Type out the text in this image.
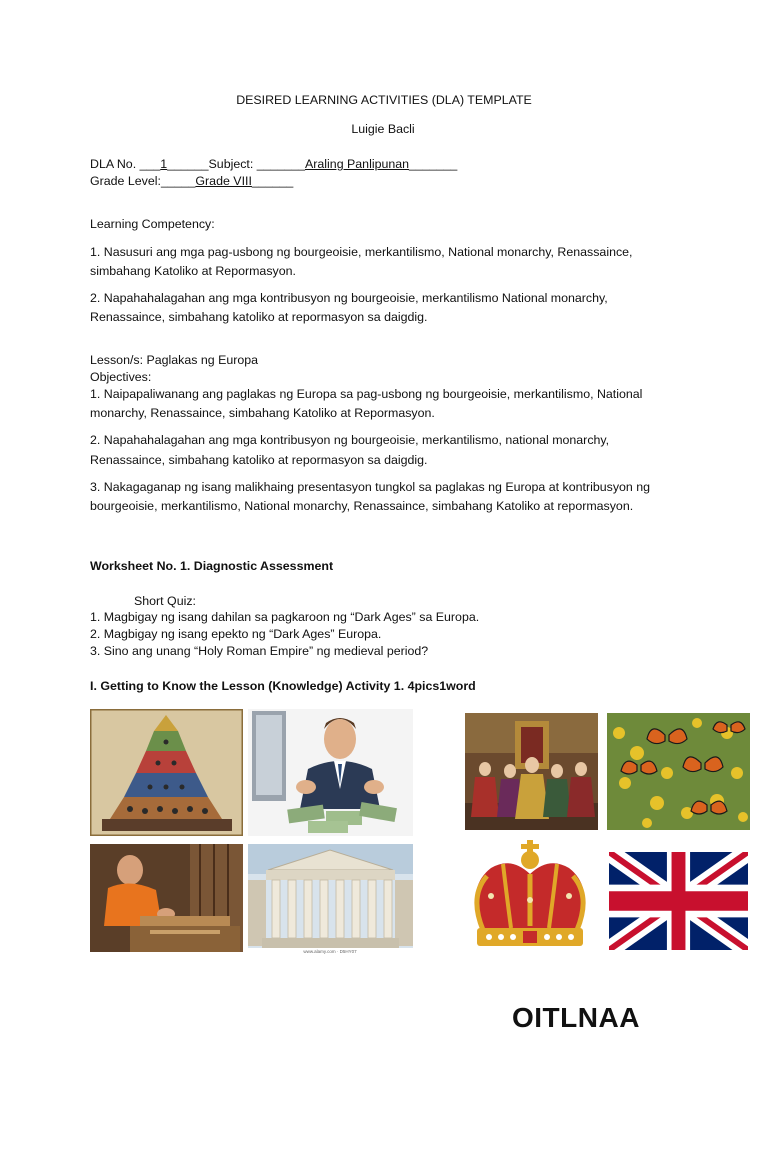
DESIRED LEARNING ACTIVITIES (DLA) TEMPLATE
Luigie Bacli
DLA No. ___1______Subject: _______Araling Panlipunan_______
Grade Level:_____Grade VIII______
Learning Competency:
1. Nasusuri ang mga pag-usbong ng bourgeoisie, merkantilismo, National monarchy, Renassaince,
simbahang Katoliko at Repormasyon.
2. Napahahalagahan ang mga kontribusyon ng bourgeoisie, merkantilismo National monarchy,
Renassaince, simbahang katoliko at repormasyon sa daigdig.
Lesson/s: Paglakas ng Europa
Objectives:
1. Naipapaliwanang ang paglakas ng Europa sa pag-usbong ng bourgeoisie, merkantilismo, National
monarchy, Renassaince, simbahang Katoliko at Repormasyon.
2. Napahahalagahan ang mga kontribusyon ng bourgeoisie, merkantilismo, national monarchy,
Renassaince, simbahang katoliko at repormasyon sa daigdig.
3. Nakagaganap ng isang malikhaing presentasyon tungkol sa paglakas ng Europa at kontribusyon ng
bourgeoisie, merkantilismo, National monarchy, Renassaince, simbahang Katoliko at repormasyon.
Worksheet No. 1. Diagnostic Assessment
Short Quiz:
1. Magbigay ng isang dahilan sa pagkaroon ng “Dark Ages” sa Europa.
2. Magbigay ng isang epekto ng “Dark Ages” Europa.
3. Sino ang unang “Holy Roman Empire” ng medieval period?
I. Getting to Know the Lesson (Knowledge) Activity 1. 4pics1word
www.alamy.com · D5HY07
OITLNAA
